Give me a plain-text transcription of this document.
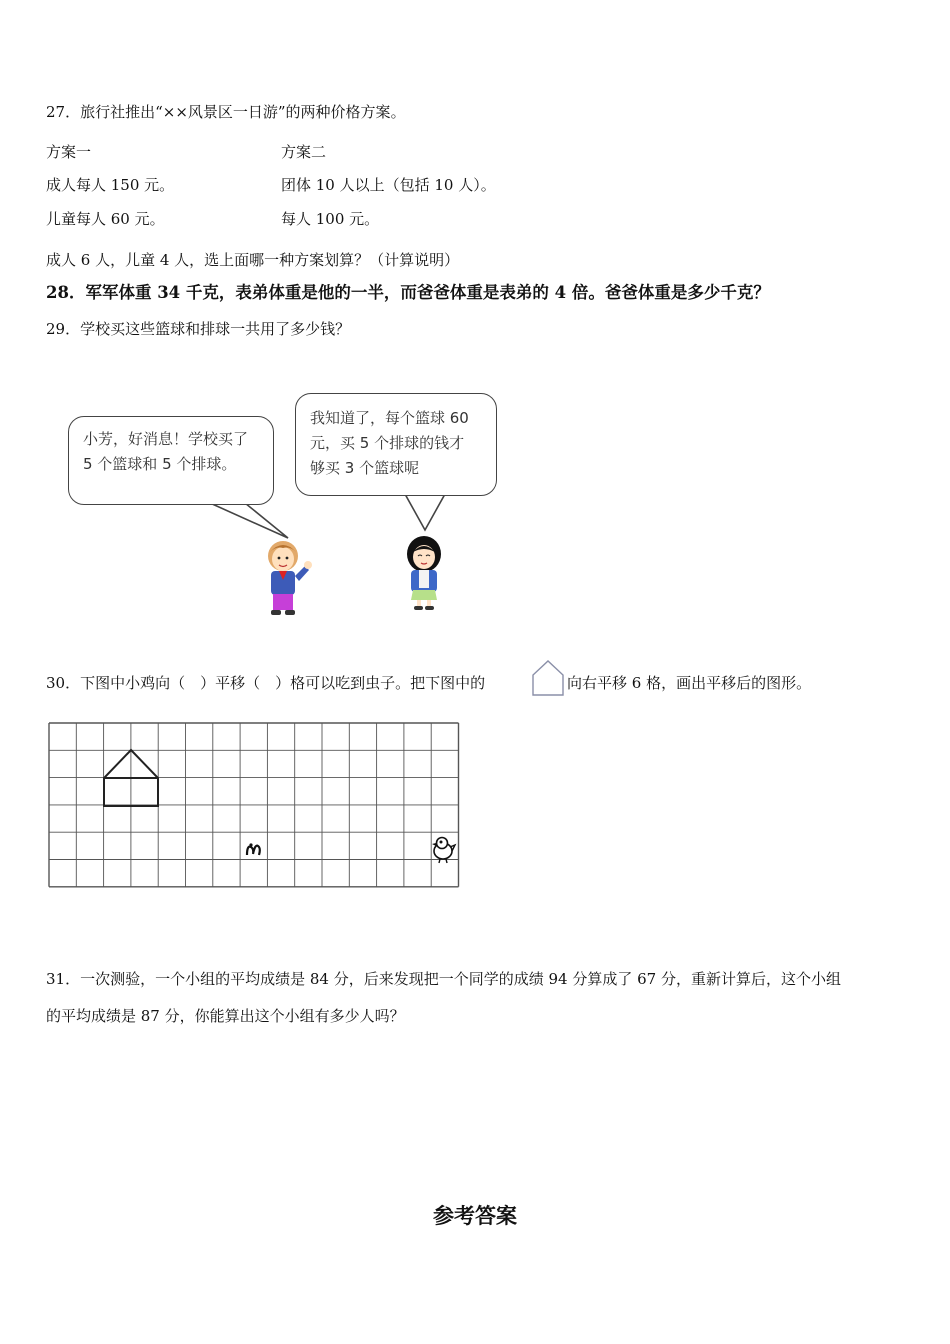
27．旅行社推出“××风景区一日游”的两种价格方案。
方案一	方案二
成人每人 150 元。	团体 10 人以上（包括 10 人）。
儿童每人 60 元。	每人 100 元。
成人 6 人，儿童 4 人，选上面哪一种方案划算？（计算说明）
28．军军体重 34 千克，表弟体重是他的一半，而爸爸体重是表弟的 4 倍。爸爸体重是多少千克？
29．学校买这些篮球和排球一共用了多少钱？
小芳，好消息！学校买了
5 个篮球和 5 个排球。
我知道了，每个篮球 60
元，买 5 个排球的钱才
够买 3 个篮球呢
30．下图中小鸡向（　）平移（　）格可以吃到虫子。把下图中的	向右平移 6 格，画出平移后的图形。
31．一次测验，一个小组的平均成绩是 84 分，后来发现把一个同学的成绩 94 分算成了 67 分，重新计算后，这个小组
的平均成绩是 87 分，你能算出这个小组有多少人吗？
参考答案
